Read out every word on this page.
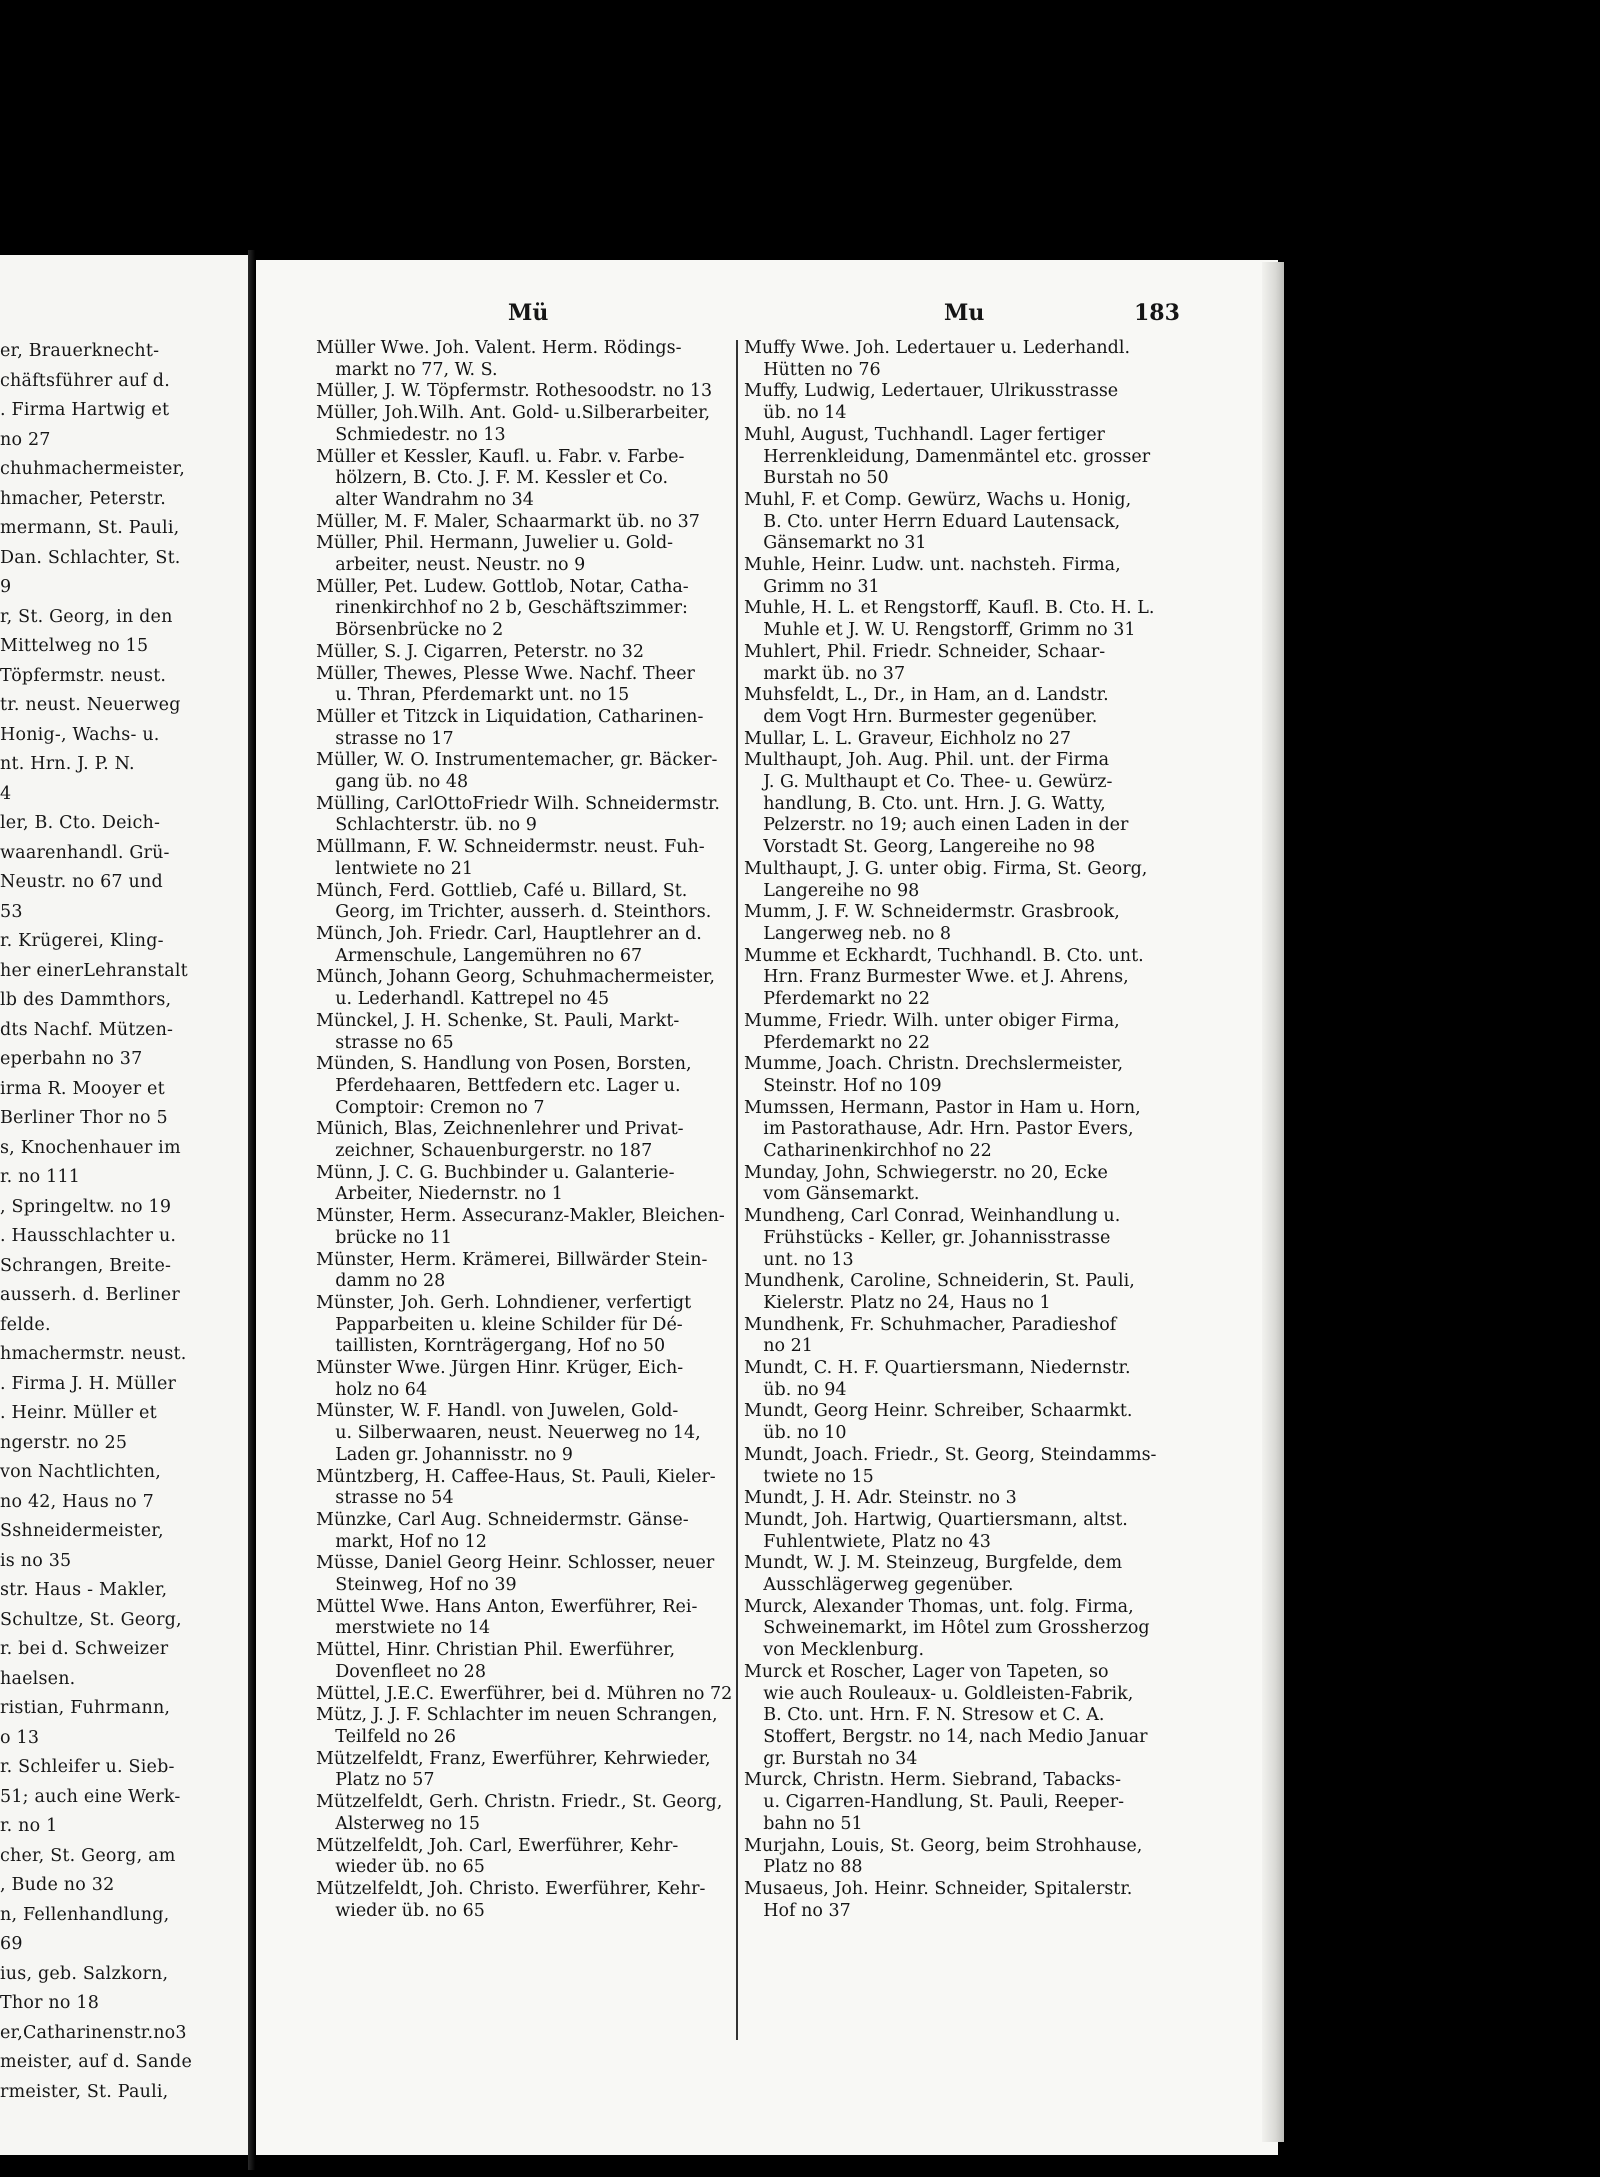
er, Brauerknecht-
chäftsführer auf d.
. Firma Hartwig et
no 27
chuhmachermeister,
hmacher, Peterstr.
mermann, St. Pauli,
Dan. Schlachter, St.
9
r, St. Georg, in den
Mittelweg no 15
Töpfermstr. neust.
tr. neust. Neuerweg
Honig-, Wachs- u.
nt. Hrn. J. P. N.
4
ler, B. Cto. Deich-
waarenhandl. Grü-
Neustr. no 67 und
53
r. Krügerei, Kling-
her einerLehranstalt
lb des Dammthors,
dts Nachf. Mützen-
eperbahn no 37
irma R. Mooyer et
Berliner Thor no 5
s, Knochenhauer im
r. no 111
, Springeltw. no 19
. Hausschlachter u.
Schrangen, Breite-
ausserh. d. Berliner
felde.
hmachermstr. neust.
. Firma J. H. Müller
. Heinr. Müller et
ngerstr. no 25
von Nachtlichten,
no 42, Haus no 7
Sshneidermeister,
is no 35
str. Haus - Makler,
Schultze, St. Georg,
r. bei d. Schweizer
haelsen.
ristian, Fuhrmann,
o 13
r. Schleifer u. Sieb-
51; auch eine Werk-
r. no 1
cher, St. Georg, am
, Bude no 32
n, Fellenhandlung,
69
ius, geb. Salzkorn,
Thor no 18
er,Catharinenstr.no3
meister, auf d. Sande
rmeister, St. Pauli,
Mü	Mu	183
Müller Wwe. Joh. Valent. Herm. Rödings-
markt no 77, W. S.
Müller, J. W. Töpfermstr. Rothesoodstr. no 13
Müller, Joh.Wilh. Ant. Gold- u.Silberarbeiter,
Schmiedestr. no 13
Müller et Kessler, Kaufl. u. Fabr. v. Farbe-
hölzern, B. Cto. J. F. M. Kessler et Co.
alter Wandrahm no 34
Müller, M. F. Maler, Schaarmarkt üb. no 37
Müller, Phil. Hermann, Juwelier u. Gold-
arbeiter, neust. Neustr. no 9
Müller, Pet. Ludew. Gottlob, Notar, Catha-
rinenkirchhof no 2 b, Geschäftszimmer:
Börsenbrücke no 2
Müller, S. J. Cigarren, Peterstr. no 32
Müller, Thewes, Plesse Wwe. Nachf. Theer
u. Thran, Pferdemarkt unt. no 15
Müller et Titzck in Liquidation, Catharinen-
strasse no 17
Müller, W. O. Instrumentemacher, gr. Bäcker-
gang üb. no 48
Mülling, CarlOttoFriedr Wilh. Schneidermstr.
Schlachterstr. üb. no 9
Müllmann, F. W. Schneidermstr. neust. Fuh-
lentwiete no 21
Münch, Ferd. Gottlieb, Café u. Billard, St.
Georg, im Trichter, ausserh. d. Steinthors.
Münch, Joh. Friedr. Carl, Hauptlehrer an d.
Armenschule, Langemühren no 67
Münch, Johann Georg, Schuhmachermeister,
u. Lederhandl. Kattrepel no 45
Münckel, J. H. Schenke, St. Pauli, Markt-
strasse no 65
Münden, S. Handlung von Posen, Borsten,
Pferdehaaren, Bettfedern etc. Lager u.
Comptoir: Cremon no 7
Münich, Blas, Zeichnenlehrer und Privat-
zeichner, Schauenburgerstr. no 187
Münn, J. C. G. Buchbinder u. Galanterie-
Arbeiter, Niedernstr. no 1
Münster, Herm. Assecuranz-Makler, Bleichen-
brücke no 11
Münster, Herm. Krämerei, Billwärder Stein-
damm no 28
Münster, Joh. Gerh. Lohndiener, verfertigt
Papparbeiten u. kleine Schilder für Dé-
taillisten, Kornträgergang, Hof no 50
Münster Wwe. Jürgen Hinr. Krüger, Eich-
holz no 64
Münster, W. F. Handl. von Juwelen, Gold-
u. Silberwaaren, neust. Neuerweg no 14,
Laden gr. Johannisstr. no 9
Müntzberg, H. Caffee-Haus, St. Pauli, Kieler-
strasse no 54
Münzke, Carl Aug. Schneidermstr. Gänse-
markt, Hof no 12
Müsse, Daniel Georg Heinr. Schlosser, neuer
Steinweg, Hof no 39
Müttel Wwe. Hans Anton, Ewerführer, Rei-
merstwiete no 14
Müttel, Hinr. Christian Phil. Ewerführer,
Dovenfleet no 28
Müttel, J.E.C. Ewerführer, bei d. Mühren no 72
Mütz, J. J. F. Schlachter im neuen Schrangen,
Teilfeld no 26
Mützelfeldt, Franz, Ewerführer, Kehrwieder,
Platz no 57
Mützelfeldt, Gerh. Christn. Friedr., St. Georg,
Alsterweg no 15
Mützelfeldt, Joh. Carl, Ewerführer, Kehr-
wieder üb. no 65
Mützelfeldt, Joh. Christo. Ewerführer, Kehr-
wieder üb. no 65
Muffy Wwe. Joh. Ledertauer u. Lederhandl.
Hütten no 76
Muffy, Ludwig, Ledertauer, Ulrikusstrasse
üb. no 14
Muhl, August, Tuchhandl. Lager fertiger
Herrenkleidung, Damenmäntel etc. grosser
Burstah no 50
Muhl, F. et Comp. Gewürz, Wachs u. Honig,
B. Cto. unter Herrn Eduard Lautensack,
Gänsemarkt no 31
Muhle, Heinr. Ludw. unt. nachsteh. Firma,
Grimm no 31
Muhle, H. L. et Rengstorff, Kaufl. B. Cto. H. L.
Muhle et J. W. U. Rengstorff, Grimm no 31
Muhlert, Phil. Friedr. Schneider, Schaar-
markt üb. no 37
Muhsfeldt, L., Dr., in Ham, an d. Landstr.
dem Vogt Hrn. Burmester gegenüber.
Mullar, L. L. Graveur, Eichholz no 27
Multhaupt, Joh. Aug. Phil. unt. der Firma
J. G. Multhaupt et Co. Thee- u. Gewürz-
handlung, B. Cto. unt. Hrn. J. G. Watty,
Pelzerstr. no 19; auch einen Laden in der
Vorstadt St. Georg, Langereihe no 98
Multhaupt, J. G. unter obig. Firma, St. Georg,
Langereihe no 98
Mumm, J. F. W. Schneidermstr. Grasbrook,
Langerweg neb. no 8
Mumme et Eckhardt, Tuchhandl. B. Cto. unt.
Hrn. Franz Burmester Wwe. et J. Ahrens,
Pferdemarkt no 22
Mumme, Friedr. Wilh. unter obiger Firma,
Pferdemarkt no 22
Mumme, Joach. Christn. Drechslermeister,
Steinstr. Hof no 109
Mumssen, Hermann, Pastor in Ham u. Horn,
im Pastorathause, Adr. Hrn. Pastor Evers,
Catharinenkirchhof no 22
Munday, John, Schwiegerstr. no 20, Ecke
vom Gänsemarkt.
Mundheng, Carl Conrad, Weinhandlung u.
Frühstücks - Keller, gr. Johannisstrasse
unt. no 13
Mundhenk, Caroline, Schneiderin, St. Pauli,
Kielerstr. Platz no 24, Haus no 1
Mundhenk, Fr. Schuhmacher, Paradieshof
no 21
Mundt, C. H. F. Quartiersmann, Niedernstr.
üb. no 94
Mundt, Georg Heinr. Schreiber, Schaarmkt.
üb. no 10
Mundt, Joach. Friedr., St. Georg, Steindamms-
twiete no 15
Mundt, J. H. Adr. Steinstr. no 3
Mundt, Joh. Hartwig, Quartiersmann, altst.
Fuhlentwiete, Platz no 43
Mundt, W. J. M. Steinzeug, Burgfelde, dem
Ausschlägerweg gegenüber.
Murck, Alexander Thomas, unt. folg. Firma,
Schweinemarkt, im Hôtel zum Grossherzog
von Mecklenburg.
Murck et Roscher, Lager von Tapeten, so
wie auch Rouleaux- u. Goldleisten-Fabrik,
B. Cto. unt. Hrn. F. N. Stresow et C. A.
Stoffert, Bergstr. no 14, nach Medio Januar
gr. Burstah no 34
Murck, Christn. Herm. Siebrand, Tabacks-
u. Cigarren-Handlung, St. Pauli, Reeper-
bahn no 51
Murjahn, Louis, St. Georg, beim Strohhause,
Platz no 88
Musaeus, Joh. Heinr. Schneider, Spitalerstr.
Hof no 37
